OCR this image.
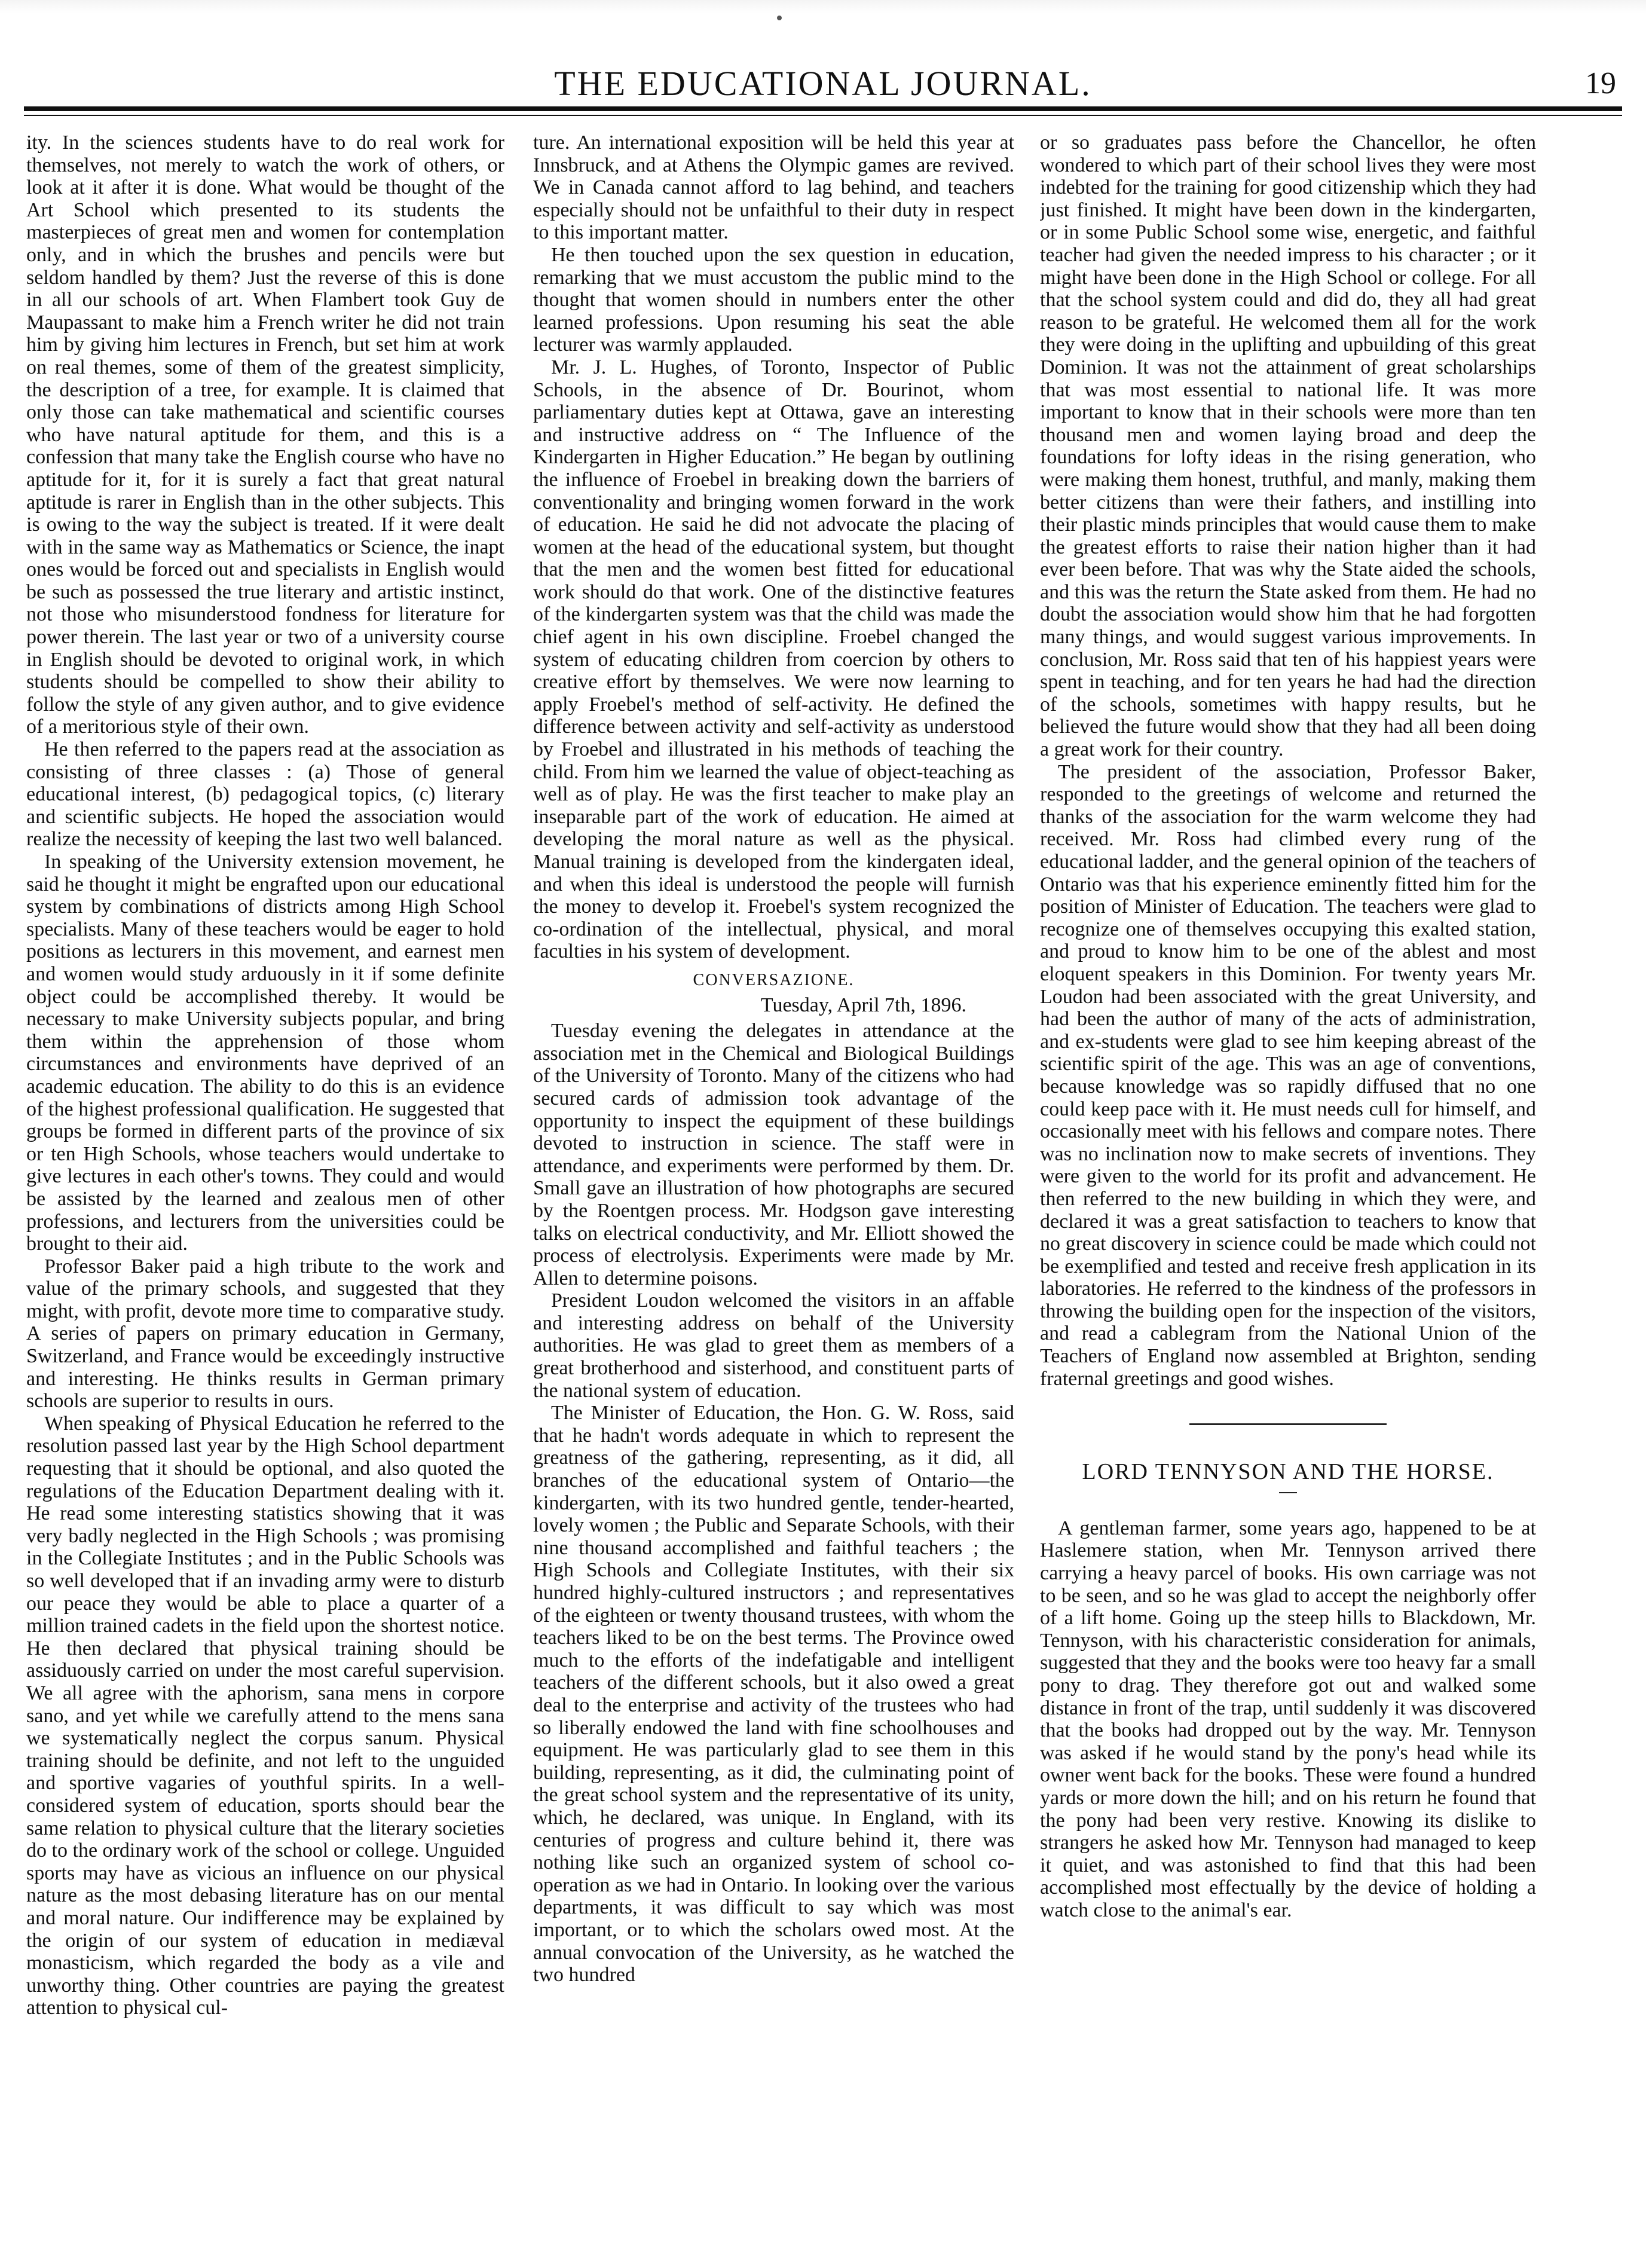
THE EDUCATIONAL JOURNAL.	19

ity. In the sciences students have to do real work for themselves, not merely to watch the work of others, or look at it after it is done. What would be thought of the Art School which presented to its students the masterpieces of great men and women for contemplation only, and in which the brushes and pencils were but seldom handled by them? Just the reverse of this is done in all our schools of art. When Flambert took Guy de Maupassant to make him a French writer he did not train him by giving him lectures in French, but set him at work on real themes, some of them of the greatest simplicity, the description of a tree, for example. It is claimed that only those can take mathematical and scientific courses who have natural aptitude for them, and this is a confession that many take the English course who have no aptitude for it, for it is surely a fact that great natural aptitude is rarer in English than in the other subjects. This is owing to the way the subject is treated. If it were dealt with in the same way as Mathematics or Science, the inapt ones would be forced out and specialists in English would be such as possessed the true literary and artistic instinct, not those who misunderstood fondness for literature for power therein. The last year or two of a university course in English should be devoted to original work, in which students should be compelled to show their ability to follow the style of any given author, and to give evidence of a meritorious style of their own.

He then referred to the papers read at the association as consisting of three classes : (a) Those of general educational interest, (b) pedagogical topics, (c) literary and scientific subjects. He hoped the association would realize the necessity of keeping the last two well balanced.

In speaking of the University extension movement, he said he thought it might be engrafted upon our educational system by combinations of districts among High School specialists. Many of these teachers would be eager to hold positions as lecturers in this movement, and earnest men and women would study arduously in it if some definite object could be accomplished thereby. It would be necessary to make University subjects popular, and bring them within the apprehension of those whom circumstances and environments have deprived of an academic education. The ability to do this is an evidence of the highest professional qualification. He suggested that groups be formed in different parts of the province of six or ten High Schools, whose teachers would undertake to give lectures in each other's towns. They could and would be assisted by the learned and zealous men of other professions, and lecturers from the universities could be brought to their aid.

Professor Baker paid a high tribute to the work and value of the primary schools, and suggested that they might, with profit, devote more time to comparative study. A series of papers on primary education in Germany, Switzerland, and France would be exceedingly instructive and interesting. He thinks results in German primary schools are superior to results in ours.

When speaking of Physical Education he referred to the resolution passed last year by the High School department requesting that it should be optional, and also quoted the regulations of the Education Department dealing with it. He read some interesting statistics showing that it was very badly neglected in the High Schools ; was promising in the Collegiate Institutes ; and in the Public Schools was so well developed that if an invading army were to disturb our peace they would be able to place a quarter of a million trained cadets in the field upon the shortest notice. He then declared that physical training should be assiduously carried on under the most careful supervision. We all agree with the aphorism, sana mens in corpore sano, and yet while we carefully attend to the mens sana we systematically neglect the corpus sanum. Physical training should be definite, and not left to the unguided and sportive vagaries of youthful spirits. In a well-considered system of education, sports should bear the same relation to physical culture that the literary societies do to the ordinary work of the school or college. Unguided sports may have as vicious an influence on our physical nature as the most debasing literature has on our mental and moral nature. Our indifference may be explained by the origin of our system of education in mediæval monasticism, which regarded the body as a vile and unworthy thing. Other countries are paying the greatest attention to physical cul-

ture. An international exposition will be held this year at Innsbruck, and at Athens the Olympic games are revived. We in Canada cannot afford to lag behind, and teachers especially should not be unfaithful to their duty in respect to this important matter.

He then touched upon the sex question in education, remarking that we must accustom the public mind to the thought that women should in numbers enter the other learned professions. Upon resuming his seat the able lecturer was warmly applauded.

Mr. J. L. Hughes, of Toronto, Inspector of Public Schools, in the absence of Dr. Bourinot, whom parliamentary duties kept at Ottawa, gave an interesting and instructive address on “ The Influence of the Kindergarten in Higher Education.” He began by outlining the influence of Froebel in breaking down the barriers of conventionality and bringing women forward in the work of education. He said he did not advocate the placing of women at the head of the educational system, but thought that the men and the women best fitted for educational work should do that work. One of the distinctive features of the kindergarten system was that the child was made the chief agent in his own discipline. Froebel changed the system of educating children from coercion by others to creative effort by themselves. We were now learning to apply Froebel's method of self-activity. He defined the difference between activity and self-activity as understood by Froebel and illustrated in his methods of teaching the child. From him we learned the value of object-teaching as well as of play. He was the first teacher to make play an inseparable part of the work of education. He aimed at developing the moral nature as well as the physical. Manual training is developed from the kindergaten ideal, and when this ideal is understood the people will furnish the money to develop it. Froebel's system recognized the co-ordination of the intellectual, physical, and moral faculties in his system of development.

CONVERSAZIONE.
Tuesday, April 7th, 1896.

Tuesday evening the delegates in attendance at the association met in the Chemical and Biological Buildings of the University of Toronto. Many of the citizens who had secured cards of admission took advantage of the opportunity to inspect the equipment of these buildings devoted to instruction in science. The staff were in attendance, and experiments were performed by them. Dr. Small gave an illustration of how photographs are secured by the Roentgen process. Mr. Hodgson gave interesting talks on electrical conductivity, and Mr. Elliott showed the process of electrolysis. Experiments were made by Mr. Allen to determine poisons.

President Loudon welcomed the visitors in an affable and interesting address on behalf of the University authorities. He was glad to greet them as members of a great brotherhood and sisterhood, and constituent parts of the national system of education.

The Minister of Education, the Hon. G. W. Ross, said that he hadn't words adequate in which to represent the greatness of the gathering, representing, as it did, all branches of the educational system of Ontario—the kindergarten, with its two hundred gentle, tender-hearted, lovely women ; the Public and Separate Schools, with their nine thousand accomplished and faithful teachers ; the High Schools and Collegiate Institutes, with their six hundred highly-cultured instructors ; and representatives of the eighteen or twenty thousand trustees, with whom the teachers liked to be on the best terms. The Province owed much to the efforts of the indefatigable and intelligent teachers of the different schools, but it also owed a great deal to the enterprise and activity of the trustees who had so liberally endowed the land with fine schoolhouses and equipment. He was particularly glad to see them in this building, representing, as it did, the culminating point of the great school system and the representative of its unity, which, he declared, was unique. In England, with its centuries of progress and culture behind it, there was nothing like such an organized system of school co-operation as we had in Ontario. In looking over the various departments, it was difficult to say which was most important, or to which the scholars owed most. At the annual convocation of the University, as he watched the two hundred

or so graduates pass before the Chancellor, he often wondered to which part of their school lives they were most indebted for the training for good citizenship which they had just finished. It might have been down in the kindergarten, or in some Public School some wise, energetic, and faithful teacher had given the needed impress to his character ; or it might have been done in the High School or college. For all that the school system could and did do, they all had great reason to be grateful. He welcomed them all for the work they were doing in the uplifting and upbuilding of this great Dominion. It was not the attainment of great scholarships that was most essential to national life. It was more important to know that in their schools were more than ten thousand men and women laying broad and deep the foundations for lofty ideas in the rising generation, who were making them honest, truthful, and manly, making them better citizens than were their fathers, and instilling into their plastic minds principles that would cause them to make the greatest efforts to raise their nation higher than it had ever been before. That was why the State aided the schools, and this was the return the State asked from them. He had no doubt the association would show him that he had forgotten many things, and would suggest various improvements. In conclusion, Mr. Ross said that ten of his happiest years were spent in teaching, and for ten years he had had the direction of the schools, sometimes with happy results, but he believed the future would show that they had all been doing a great work for their country.

The president of the association, Professor Baker, responded to the greetings of welcome and returned the thanks of the association for the warm welcome they had received. Mr. Ross had climbed every rung of the educational ladder, and the general opinion of the teachers of Ontario was that his experience eminently fitted him for the position of Minister of Education. The teachers were glad to recognize one of themselves occupying this exalted station, and proud to know him to be one of the ablest and most eloquent speakers in this Dominion. For twenty years Mr. Loudon had been associated with the great University, and had been the author of many of the acts of administration, and ex-students were glad to see him keeping abreast of the scientific spirit of the age. This was an age of conventions, because knowledge was so rapidly diffused that no one could keep pace with it. He must needs cull for himself, and occasionally meet with his fellows and compare notes. There was no inclination now to make secrets of inventions. They were given to the world for its profit and advancement. He then referred to the new building in which they were, and declared it was a great satisfaction to teachers to know that no great discovery in science could be made which could not be exemplified and tested and receive fresh application in its laboratories. He referred to the kindness of the professors in throwing the building open for the inspection of the visitors, and read a cablegram from the National Union of the Teachers of England now assembled at Brighton, sending fraternal greetings and good wishes.

LORD TENNYSON AND THE HORSE.

A gentleman farmer, some years ago, happened to be at Haslemere station, when Mr. Tennyson arrived there carrying a heavy parcel of books. His own carriage was not to be seen, and so he was glad to accept the neighborly offer of a lift home. Going up the steep hills to Blackdown, Mr. Tennyson, with his characteristic consideration for animals, suggested that they and the books were too heavy far a small pony to drag. They therefore got out and walked some distance in front of the trap, until suddenly it was discovered that the books had dropped out by the way. Mr. Tennyson was asked if he would stand by the pony's head while its owner went back for the books. These were found a hundred yards or more down the hill; and on his return he found that the pony had been very restive. Knowing its dislike to strangers he asked how Mr. Tennyson had managed to keep it quiet, and was astonished to find that this had been accomplished most effectually by the device of holding a watch close to the animal's ear.
